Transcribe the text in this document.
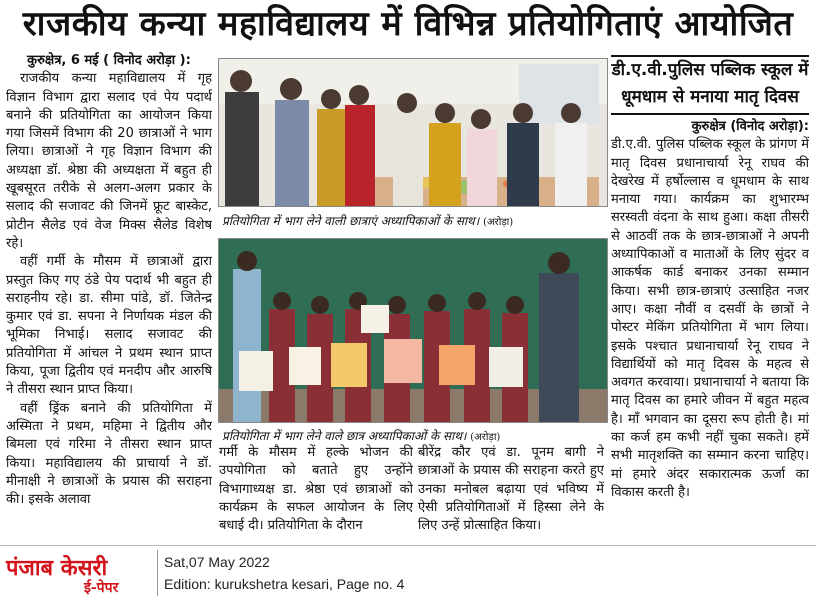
राजकीय कन्या महाविद्यालय में विभिन्न प्रतियोगिताएं आयोजित
कुरुक्षेत्र, 6 मई ( विनोद अरोड़ा ):

राजकीय कन्या महाविद्यालय में गृह विज्ञान विभाग द्वारा सलाद एवं पेय पदार्थ बनाने की प्रतियोगिता का आयोजन किया गया जिसमें विभाग की 20 छात्राओं ने भाग लिया। छात्राओं ने गृह विज्ञान विभाग की अध्यक्षा डॉ. श्रेष्ठा की अध्यक्षता में बहुत ही खूबसूरत तरीके से अलग-अलग प्रकार के सलाद की सजावट की जिनमें फ्रूट बास्केट, प्रोटीन सैलेड एवं वेज मिक्स सैलेड विशेष रहे।

वहीं गर्मी के मौसम में छात्राओं द्वारा प्रस्तुत किए गए ठंडे पेय पदार्थ भी बहुत ही सराहनीय रहे। डा. सीमा पांडे, डॉ. जितेन्द्र कुमार एवं डा. सपना ने निर्णायक मंडल की भूमिका निभाई। सलाद सजावट की प्रतियोगिता में आंचल ने प्रथम स्थान प्राप्त किया, पूजा द्वितीय एवं मनदीप और आरुषि ने तीसरा स्थान प्राप्त किया।

वहीं ड्रिंक बनाने की प्रतियोगिता में अस्मिता ने प्रथम, महिमा ने द्वितीय और बिमला एवं गरिमा ने तीसरा स्थान प्राप्त किया। महाविद्यालय की प्राचार्या ने डॉ. मीनाक्षी ने छात्राओं के प्रयास की सराहना की। इसके अलावा

प्रतियोगिता में भाग लेने वाली छात्राएं अध्यापिकाओं के साथ। (अरोड़ा)
प्रतियोगिता में भाग लेने वाले छात्र अध्यापिकाओं के साथ। (अरोड़ा)
गर्मी के मौसम में हल्के भोजन की उपयोगिता को बताते हुए उन्होंने विभागाध्यक्ष डा. श्रेष्ठा एवं छात्राओं को कार्यक्रम के सफल आयोजन के लिए बधाई दी। प्रतियोगिता के दौरान
बीरेंद्र कौर एवं डा. पूनम बागी ने छात्राओं के प्रयास की सराहना करते हुए उनका मनोबल बढ़ाया एवं भविष्य में ऐसी प्रतियोगिताओं में हिस्सा लेने के लिए उन्हें प्रोत्साहित किया।
डी.ए.वी.पुलिस पब्लिक स्कूल में
धूमधाम से मनाया मातृ दिवस
कुरुक्षेत्र (विनोद अरोड़ा):

डी.ए.वी. पुलिस पब्लिक स्कूल के प्रांगण में मातृ दिवस प्रधानाचार्या रेनू राघव की देखरेख में हर्षोल्लास व धूमधाम के साथ मनाया गया। कार्यक्रम का शुभारम्भ सरस्वती वंदना के साथ हुआ। कक्षा तीसरी से आठवीं तक के छात्र-छात्राओं ने अपनी अध्यापिकाओं व माताओं के लिए सुंदर व आकर्षक कार्ड बनाकर उनका सम्मान किया। सभी छात्र-छात्राएं उत्साहित नजर आए। कक्षा नौवीं व दसवीं के छात्रों ने पोस्टर मेकिंग प्रतियोगिता में भाग लिया। इसके पश्चात प्रधानाचार्या रेनू राघव ने विद्यार्थियों को मातृ दिवस के महत्व से अवगत करवाया। प्रधानाचार्या ने बताया कि मातृ दिवस का हमारे जीवन में बहुत महत्व है। माँ भगवान का दूसरा रूप होती है। मां का कर्ज हम कभी नहीं चुका सकते। हमें सभी मातृशक्ति का सम्मान करना चाहिए। मां हमारे अंदर सकारात्मक ऊर्जा का विकास करती है।

पंजाब केसरी
ई-पेपर
Sat,07 May 2022
Edition: kurukshetra kesari, Page no. 4
